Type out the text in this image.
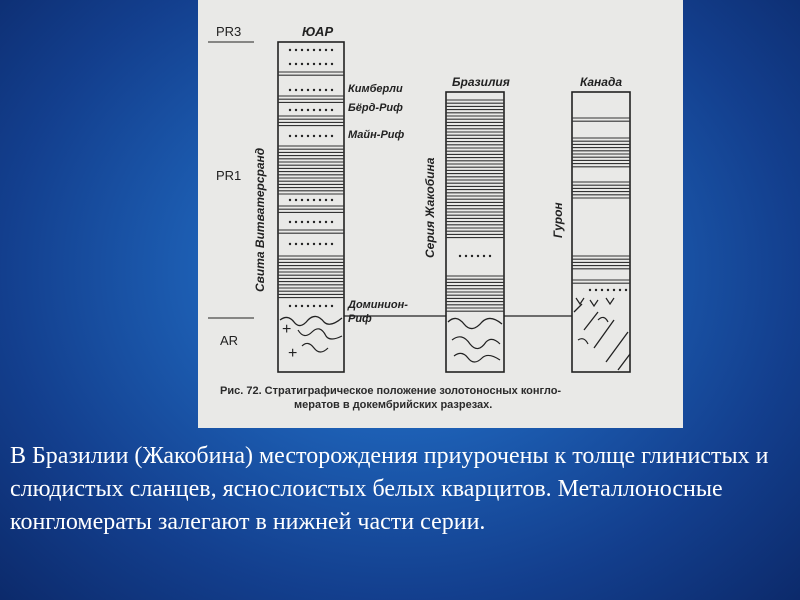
PR3
PR1
AR
ЮАР
+
+
Свита Витватерсранд
Кимберли
Бёрд-Риф
Майн-Риф
Доминион-
Риф
Бразилия
Серия Жакобина
Канада
Гурон
Рис. 72. Стратиграфическое положение золотоносных конгло-
мератов в докембрийских разрезах.
В Бразилии (Жакобина) месторождения приурочены к толще глинистых и слюдистых сланцев, яснослоистых белых кварцитов. Металлоносные конгломераты залегают в нижней части серии.
